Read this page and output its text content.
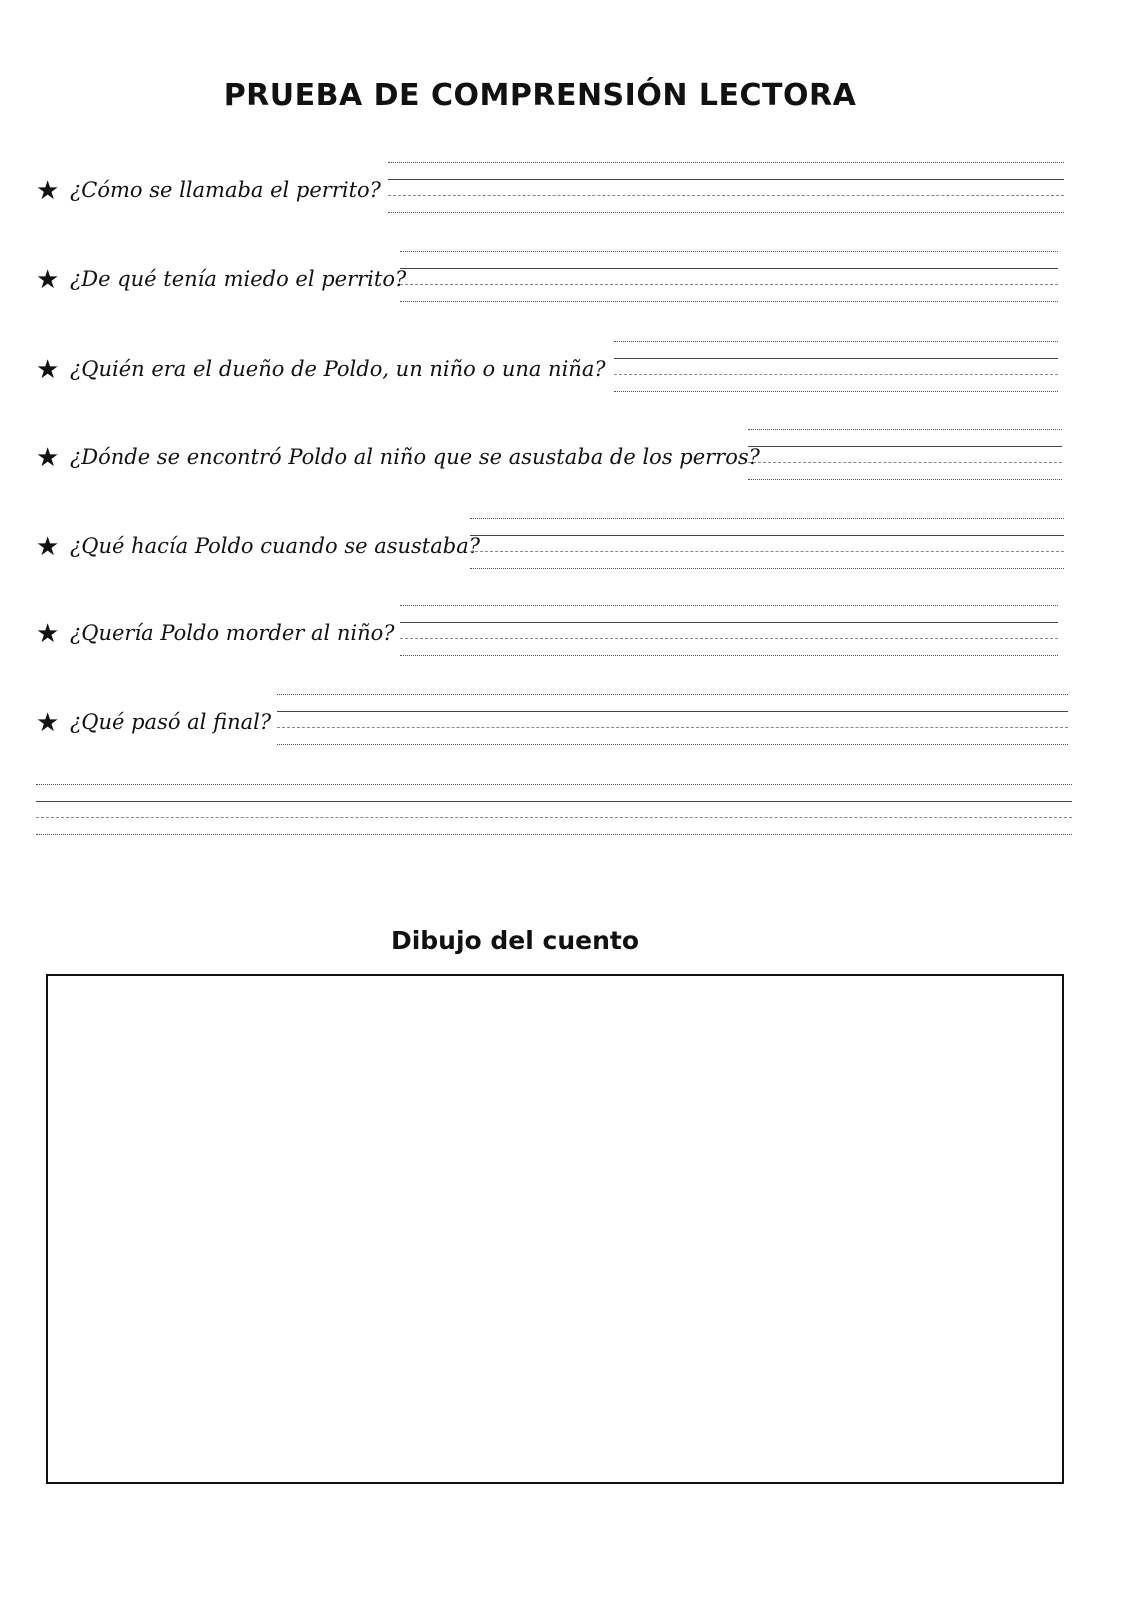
PRUEBA DE COMPRENSIÓN LECTORA
★ ¿Cómo se llamaba el perrito?
★ ¿De qué tenía miedo el perrito?
★ ¿Quién era el dueño de Poldo, un niño o una niña?
★ ¿Dónde se encontró Poldo al niño que se asustaba de los perros?
★ ¿Qué hacía Poldo cuando se asustaba?
★ ¿Quería Poldo morder al niño?
★ ¿Qué pasó al final?
Dibujo del cuento
